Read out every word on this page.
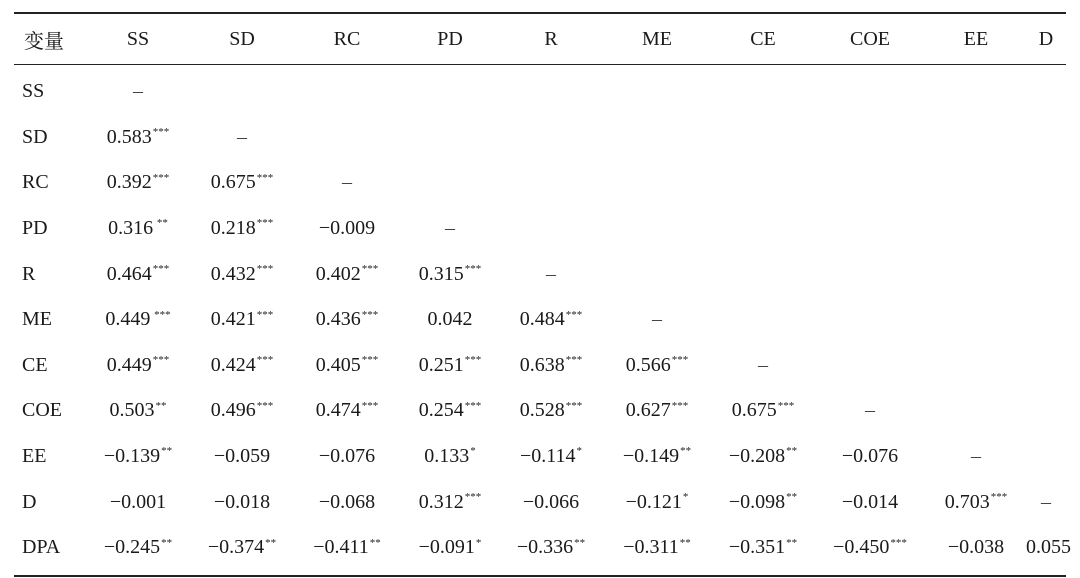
变量	SS	SD	RC	PD	R	ME	CE	COE	EE	D
SS	–									
SD	0.583***	–								
RC	0.392***	0.675***	–							
PD	0.316 **	0.218***	−0.009	–						
R	0.464***	0.432***	0.402***	0.315***	–					
ME	0.449 ***	0.421***	0.436***	0.042	0.484***	–				
CE	0.449***	0.424***	0.405***	0.251***	0.638***	0.566***	–			
COE	0.503**	0.496***	0.474***	0.254***	0.528***	0.627***	0.675***	–		
EE	−0.139**	−0.059	−0.076	0.133*	−0.114*	−0.149**	−0.208**	−0.076	–	
D	−0.001	−0.018	−0.068	0.312***	−0.066	−0.121*	−0.098**	−0.014	0.703***	–
DPA	−0.245**	−0.374**	−0.411**	−0.091*	−0.336**	−0.311**	−0.351**	−0.450***	−0.038	0.055
